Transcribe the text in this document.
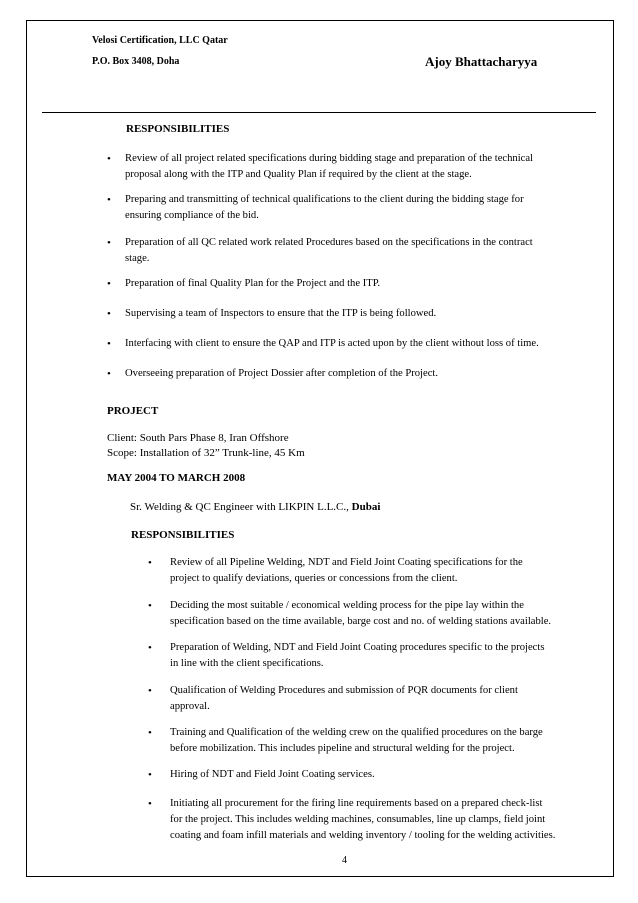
Velosi Certification, LLC Qatar
P.O. Box 3408, Doha	Ajoy Bhattacharyya
RESPONSIBILITIES
• Review of all project related specifications during bidding stage and preparation of the technical
proposal along with the ITP and Quality Plan if required by the client at the stage.
• Preparing and transmitting of technical qualifications to the client during the bidding stage for
ensuring compliance of the bid.
• Preparation of all QC related work related Procedures based on the specifications in the contract
stage.
• Preparation of final Quality Plan for the Project and the ITP.
• Supervising a team of Inspectors to ensure that the ITP is being followed.
• Interfacing with client to ensure the QAP and ITP is acted upon by the client without loss of time.
• Overseeing preparation of Project Dossier after completion of the Project.
PROJECT
Client: South Pars Phase 8, Iran Offshore
Scope: Installation of 32” Trunk-line, 45 Km
MAY 2004 TO MARCH 2008
Sr. Welding & QC Engineer with LIKPIN L.L.C., Dubai
RESPONSIBILITIES
• Review of all Pipeline Welding, NDT and Field Joint Coating specifications for the
project to qualify deviations, queries or concessions from the client.
• Deciding the most suitable / economical welding process for the pipe lay within the
specification based on the time available, barge cost and no. of welding stations available.
• Preparation of Welding, NDT and Field Joint Coating procedures specific to the projects
in line with the client specifications.
• Qualification of Welding Procedures and submission of PQR documents for client
approval.
• Training and Qualification of the welding crew on the qualified procedures on the barge
before mobilization. This includes pipeline and structural welding for the project.
• Hiring of NDT and Field Joint Coating services.
• Initiating all procurement for the firing line requirements based on a prepared check-list
for the project. This includes welding machines, consumables, line up clamps, field joint
coating and foam infill materials and welding inventory / tooling for the welding activities.
4
